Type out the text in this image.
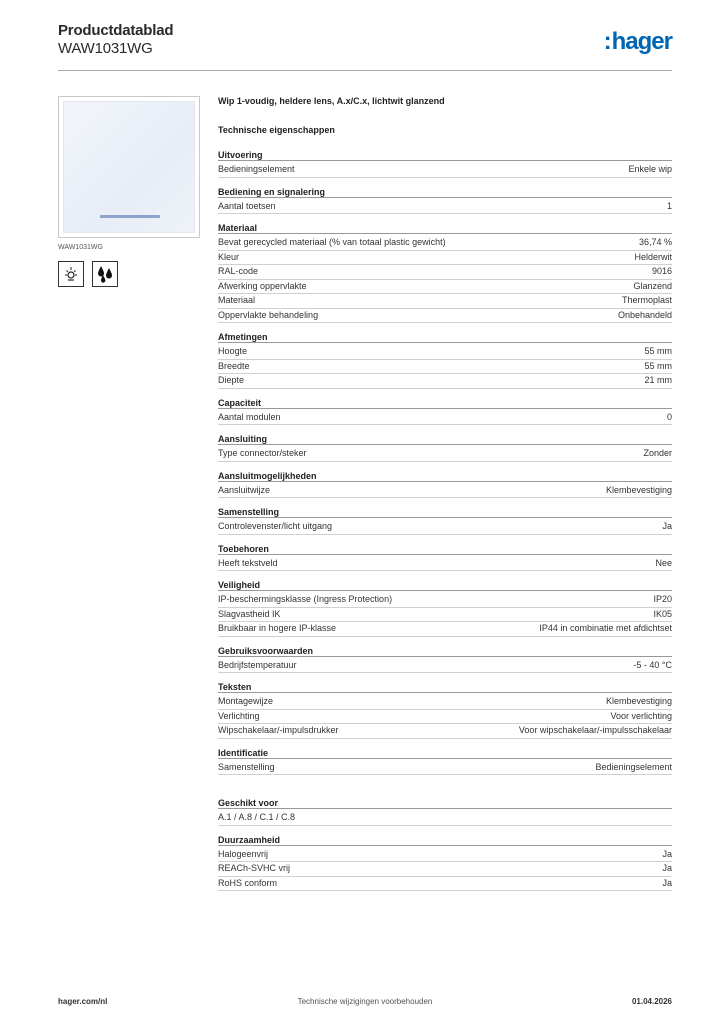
Productdatablad
WAW1031WG	:hager
WAW1031WG
Wip 1-voudig, heldere lens, A.x/C.x, lichtwit glanzend
Technische eigenschappen
Uitvoering
Bedieningselement	Enkele wip
Bediening en signalering
Aantal toetsen	1
Materiaal
Bevat gerecycled materiaal (% van totaal plastic gewicht)	36,74 %
Kleur	Helderwit
RAL-code	9016
Afwerking oppervlakte	Glanzend
Materiaal	Thermoplast
Oppervlakte behandeling	Onbehandeld
Afmetingen
Hoogte	55 mm
Breedte	55 mm
Diepte	21 mm
Capaciteit
Aantal modulen	0
Aansluiting
Type connector/steker	Zonder
Aansluitmogelijkheden
Aansluitwijze	Klembevestiging
Samenstelling
Controlevenster/licht uitgang	Ja
Toebehoren
Heeft tekstveld	Nee
Veiligheid
IP-beschermingsklasse (Ingress Protection)	IP20
Slagvastheid IK	IK05
Bruikbaar in hogere IP-klasse	IP44 in combinatie met afdichtset
Gebruiksvoorwaarden
Bedrijfstemperatuur	-5 - 40 °C
Teksten
Montagewijze	Klembevestiging
Verlichting	Voor verlichting
Wipschakelaar/-impulsdrukker	Voor wipschakelaar/-impulsschakelaar
Identificatie
Samenstelling	Bedieningselement
Geschikt voor
A.1 / A.8 / C.1 / C.8
Duurzaamheid
Halogeenvrij	Ja
REACh-SVHC vrij	Ja
RoHS conform	Ja
hager.com/nl	Technische wijzigingen voorbehouden	01.04.2026
